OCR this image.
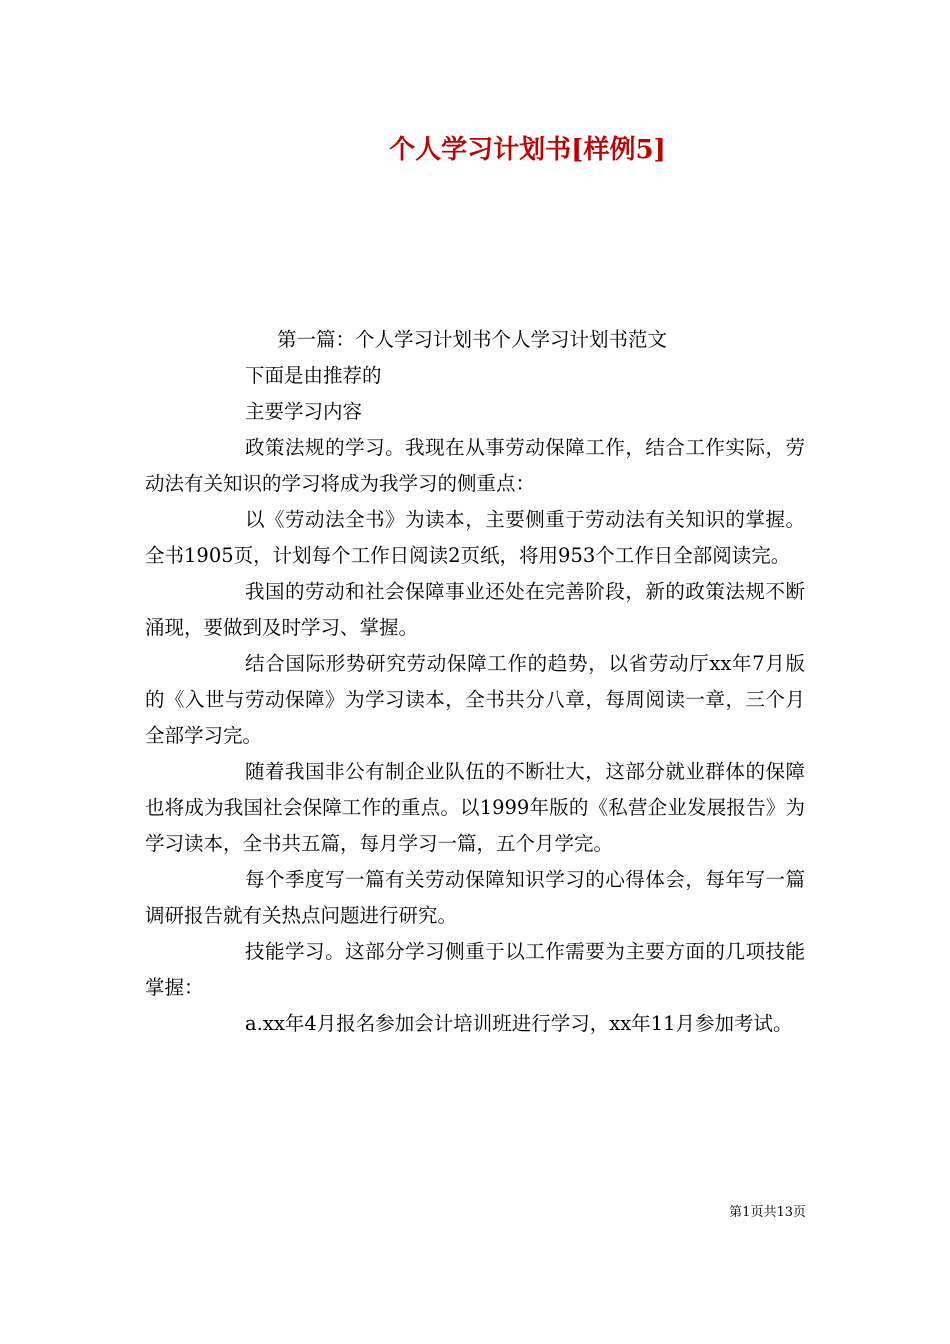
个人学习计划书[样例5]

第一篇：个人学习计划书个人学习计划书范文

下面是由推荐的

主要学习内容

政策法规的学习。我现在从事劳动保障工作，结合工作实际，劳动法有关知识的学习将成为我学习的侧重点：

以《劳动法全书》为读本，主要侧重于劳动法有关知识的掌握。全书1905页，计划每个工作日阅读2页纸，将用953个工作日全部阅读完。

我国的劳动和社会保障事业还处在完善阶段，新的政策法规不断涌现，要做到及时学习、掌握。

结合国际形势研究劳动保障工作的趋势，以省劳动厅xx年7月版的《入世与劳动保障》为学习读本，全书共分八章，每周阅读一章，三个月全部学习完。

随着我国非公有制企业队伍的不断壮大，这部分就业群体的保障也将成为我国社会保障工作的重点。以1999年版的《私营企业发展报告》为学习读本，全书共五篇，每月学习一篇，五个月学完。

每个季度写一篇有关劳动保障知识学习的心得体会，每年写一篇调研报告就有关热点问题进行研究。

技能学习。这部分学习侧重于以工作需要为主要方面的几项技能掌握：

a.xx年4月报名参加会计培训班进行学习，xx年11月参加考试。

第1页共13页
